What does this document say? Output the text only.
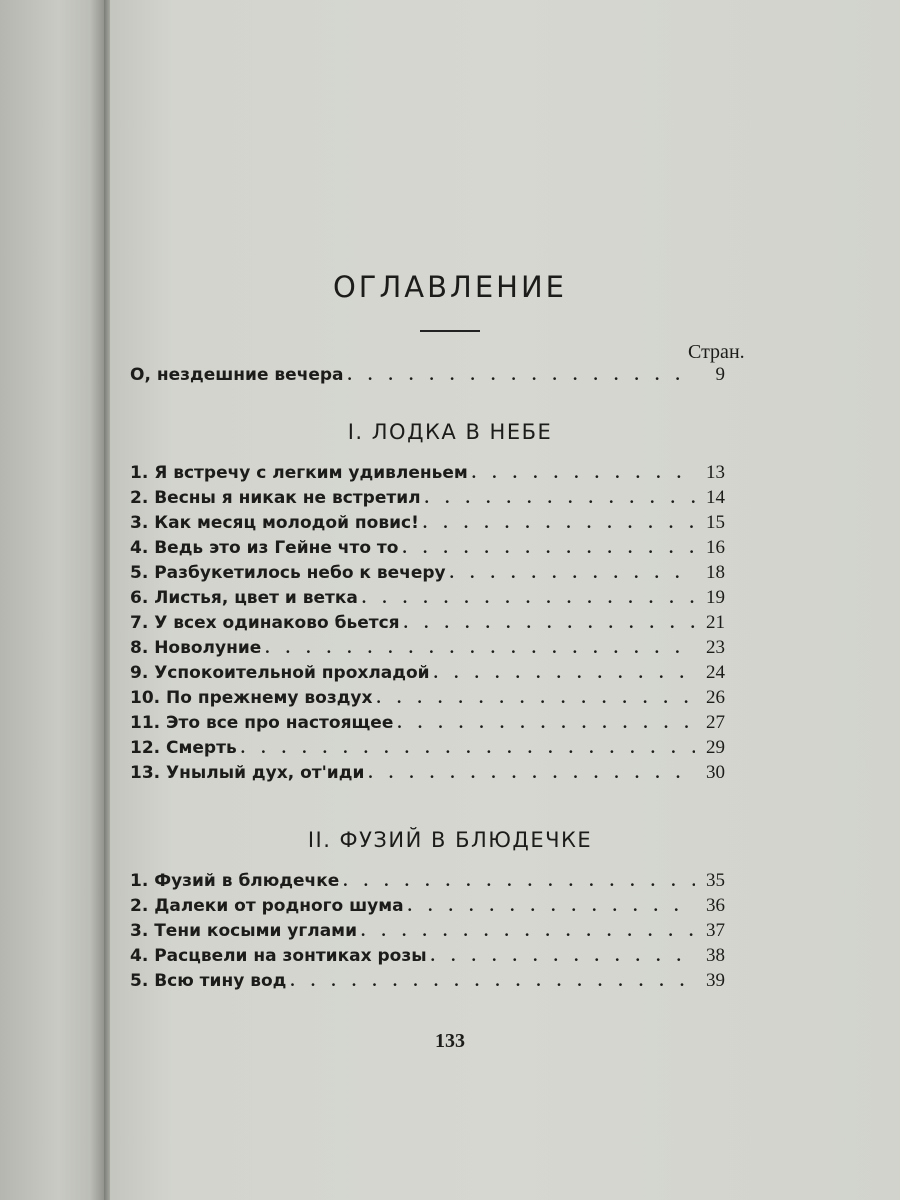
ОГЛАВЛЕНИЕ
Стран.
О, нездешние вечера . . .	9
I. ЛОДКА В НЕБЕ
1. Я встречу с легким удивленьем . . .	13
2. Весны я никак не встретил . . .	14
3. Как месяц молодой повис! . . .	15
4. Ведь это из Гейне что то . . .	16
5. Разбукетилось небо к вечеру . . .	18
6. Листья, цвет и ветка . . .	19
7. У всех одинаково бьется . . .	21
8. Новолуние . . .	23
9. Успокоительной прохладой . . .	24
10. По прежнему воздух . . .	26
11. Это все про настоящее . . .	27
12. Смерть . . .	29
13. Унылый дух, от'иди . . .	30
II. ФУЗИЙ В БЛЮДЕЧКЕ
1. Фузий в блюдечке . . .	35
2. Далеки от родного шума . . .	36
3. Тени косыми углами . . .	37
4. Расцвели на зонтиках розы . . .	38
5. Всю тину вод . . .	39
133
